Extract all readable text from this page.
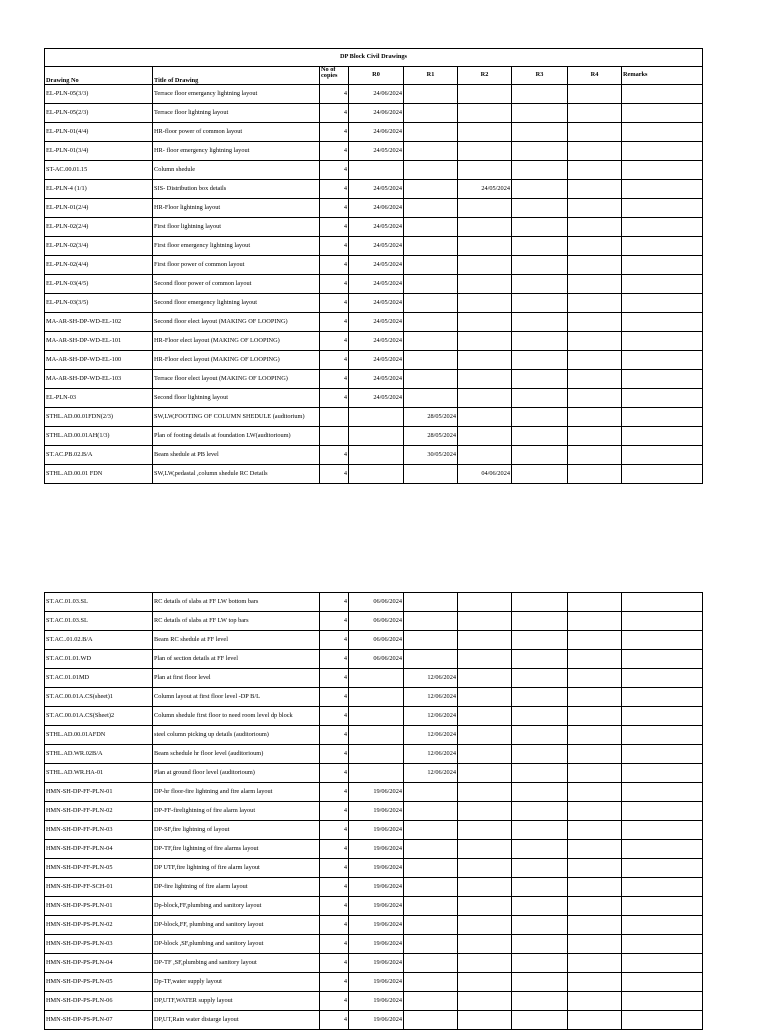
DP Block Civil Drawings								
Drawing No	Title of Drawing	No of copies	R0	R1	R2	R3	R4	Remarks
EL-PLN-05(3/3)	Terrace floor emergancy lightning layout	4	24/06/2024					
EL-PLN-05(2/3)	Terrace floor lightning layout	4	24/06/2024					
EL-PLN-01(4/4)	HR-floor power of common layout	4	24/06/2024					
EL-PLN-01(3/4)	HR- floor emergency lightning layout	4	24/05/2024					
ST-AC.00.01.15	Column shedule	4						
EL-PLN-4 (1/1)	SIS- Distribution box details	4	24/05/2024		24/05/2024			
EL-PLN-01(2/4)	HR-Floor lightning layout	4	24/06/2024					
EL-PLN-02(2/4)	First floor lightning layout	4	24/05/2024					
EL-PLN-02(3/4)	First floor emergency lightning layout	4	24/05/2024					
EL-PLN-02(4/4)	First floor power of common layout	4	24/05/2024					
EL-PLN-03(4/5)	Second floor power of common layout	4	24/05/2024					
EL-PLN-03(3/5)	Second floor emergency lightning layout	4	24/05/2024					
MA-AR-SH-DP-WD-EL-102	Second floor elect layout (MAKING OF LOOPING)	4	24/05/2024					
MA-AR-SH-DP-WD-EL-101	HR-Floor elect layout (MAKING OF LOOPING)	4	24/05/2024					
MA-AR-SH-DP-WD-EL-100	HR-Floor elect layout (MAKING OF LOOPING)	4	24/05/2024					
MA-AR-SH-DP-WD-EL-103	Terrace floor elect layout (MAKING OF LOOPING)	4	24/05/2024					
EL-PLN-03	Second floor lightning layout	4	24/05/2024					
STHL.AD.00.01FDN(2/3)	SW,LW,FOOTING OF COLUMN SHEDULE (auditorium)			28/05/2024				
STHL.AD.00.01AH(1/3)	Plan of footing details at foundation LW(auditorioum)			28/05/2024				
ST.AC.PB.02.B/A	Beam shedule at PB level	4		30/05/2024				
STHL.AD.00.01 FDN	SW,LW,pedastal ,column shedule RC Details	4			04/06/2024			
ST.AC.01.03.SL	RC details of slabs at FF LW bottom bars	4	06/06/2024					
ST.AC.01.03.SL	RC details of slabs at FF LW top bars	4	06/06/2024					
ST.AC..01.02.B/A	Beam RC shedule at FF level	4	06/06/2024					
ST.AC.01.01.WD	Plan of section details at FF level	4	06/06/2024					
ST.AC.01.01MD	Plan at first floor level	4		12/06/2024				
ST.AC.00.01A.CS(sheet)1	Column layout at first floor level -DP B/L	4		12/06/2024				
ST.AC.00.01A.CS(Sheet)2	Column shedule first floor to need room level dp block	4		12/06/2024				
STHL.AD.00.01AFDN	steel column picking up details (auditorioum)	4		12/06/2024				
STHL.AD.WR.02B/A	Beam schedule hr floor level (auditorioum)	4		12/06/2024				
STHL.AD.WR.HA-01	Plan at ground floor level (auditorioum)	4		12/06/2024				
HMN-SH-DP-FF-PLN-01	DP-hr floor-fire lightning and fire alarm layout	4	19/06/2024					
HMN-SH-DP-FF-PLN-02	DP-FF-firelightning of fire alarm layout	4	19/06/2024					
HMN-SH-DP-FF-PLN-03	DP-SF,fire lightning of layout	4	19/06/2024					
HMN-SH-DP-FF-PLN-04	DP-TF,fire lightning of fire alarms layout	4	19/06/2024					
HMN-SH-DP-FF-PLN-05	DP UTF,fire lightning of fire alarm layout	4	19/06/2024					
HMN-SH-DP-FF-SCH-01	DP-fire lightning of fire alarm layout	4	19/06/2024					
HMN-SH-DP-PS-PLN-01	Dp-block,FF,plumbing and sanitory layout	4	19/06/2024					
HMN-SH-DP-PS-PLN-02	DP-block,FF, plumbing and sanitory layout	4	19/06/2024					
HMN-SH-DP-PS-PLN-03	DP-block ,SF,plumbing and sanitory layout	4	19/06/2024					
HMN-SH-DP-PS-PLN-04	DP-TF ,SF,plumbing and sanitory layout	4	19/06/2024					
HMN-SH-DP-PS-PLN-05	Dp-TF,water supply layout	4	19/06/2024					
HMN-SH-DP-PS-PLN-06	DP,UTF,WATER supply layout	4	19/06/2024					
HMN-SH-DP-PS-PLN-07	DP,UT,Rain water distarge layout	4	19/06/2024					
